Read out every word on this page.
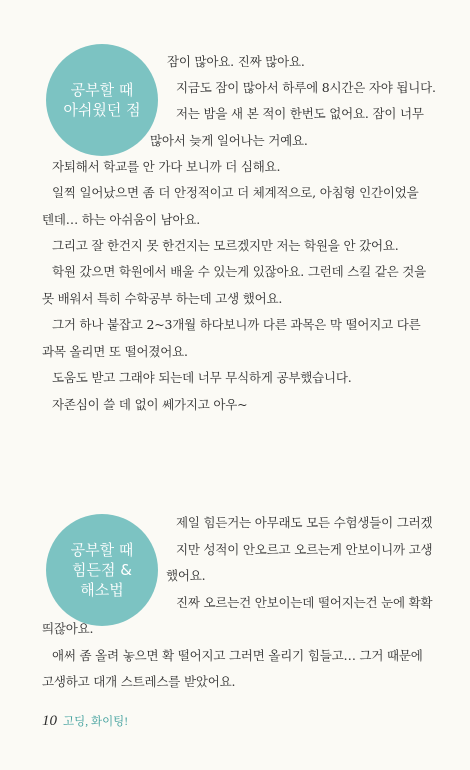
공부할 때
아쉬웠던 점
잠이 많아요. 진짜 많아요.
지금도 잠이 많아서 하루에 8시간은 자야 됩니다.
저는 밤을 새 본 적이 한번도 없어요. 잠이 너무
많아서 늦게 일어나는 거예요.
자퇴해서 학교를 안 가다 보니까 더 심해요.
일찍 일어났으면 좀 더 안정적이고 더 체계적으로, 아침형 인간이었을
텐데… 하는 아쉬움이 남아요.
그리고 잘 한건지 못 한건지는 모르겠지만 저는 학원을 안 갔어요.
학원 갔으면 학원에서 배울 수 있는게 있잖아요. 그런데 스킬 같은 것을
못 배워서 특히 수학공부 하는데 고생 했어요.
그거 하나 붙잡고 2~3개월 하다보니까 다른 과목은 막 떨어지고 다른
과목 올리면 또 떨어졌어요.
도움도 받고 그래야 되는데 너무 무식하게 공부했습니다.
자존심이 쓸 데 없이 쎄가지고 아우~
공부할 때
힘든점 &
해소법
제일 힘든거는 아무래도 모든 수험생들이 그러겠
지만 성적이 안오르고 오르는게 안보이니까 고생
했어요.
진짜 오르는건 안보이는데 떨어지는건 눈에 확확
띄잖아요.
애써 좀 올려 놓으면 확 떨어지고 그러면 올리기 힘들고… 그거 때문에
고생하고 대개 스트레스를 받았어요.
10 고딩, 화이팅!
